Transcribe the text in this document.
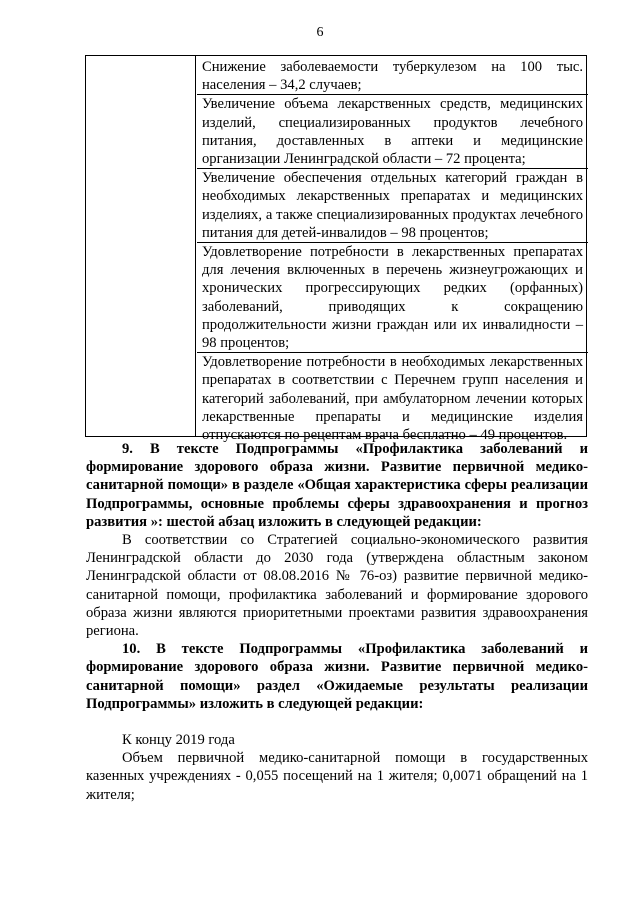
6
Снижение заболеваемости туберкулезом на 100 тыс. населения – 34,2 случаев;
Увеличение объема лекарственных средств, медицинских изделий, специализированных продуктов лечебного питания, доставленных в аптеки и медицинские организации Ленинградской области – 72 процента;
Увеличение обеспечения отдельных категорий граждан в необходимых лекарственных препаратах и медицинских изделиях, а также специализированных продуктах лечебного питания для детей-инвалидов – 98 процентов;
Удовлетворение потребности в лекарственных препаратах для лечения включенных в перечень жизнеугрожающих и хронических прогрессирующих редких (орфанных) заболеваний, приводящих к сокращению продолжительности жизни граждан или их инвалидности – 98 процентов;
Удовлетворение потребности в необходимых лекарственных препаратах в соответствии с Перечнем групп населения и категорий заболеваний, при амбулаторном лечении которых лекарственные препараты и медицинские изделия отпускаются по рецептам врача бесплатно – 49 процентов.

9. В тексте Подпрограммы «Профилактика заболеваний и формирование здорового образа жизни. Развитие первичной медико-санитарной помощи» в разделе «Общая характеристика сферы реализации Подпрограммы, основные проблемы сферы здравоохранения и прогноз развития »: шестой абзац изложить в следующей редакции:

В соответствии со Стратегией социально-экономического развития Ленинградской области до 2030 года (утверждена областным законом Ленинградской области от 08.08.2016 № 76-оз) развитие первичной медико-санитарной помощи, профилактика заболеваний и формирование здорового образа жизни являются приоритетными проектами развития здравоохранения региона.

10. В тексте Подпрограммы «Профилактика заболеваний и формирование здорового образа жизни. Развитие первичной медико-санитарной помощи» раздел «Ожидаемые результаты реализации Подпрограммы» изложить в следующей редакции:

К концу 2019 года

Объем первичной медико-санитарной помощи в государственных казенных учреждениях - 0,055 посещений на 1 жителя; 0,0071 обращений на 1 жителя;
